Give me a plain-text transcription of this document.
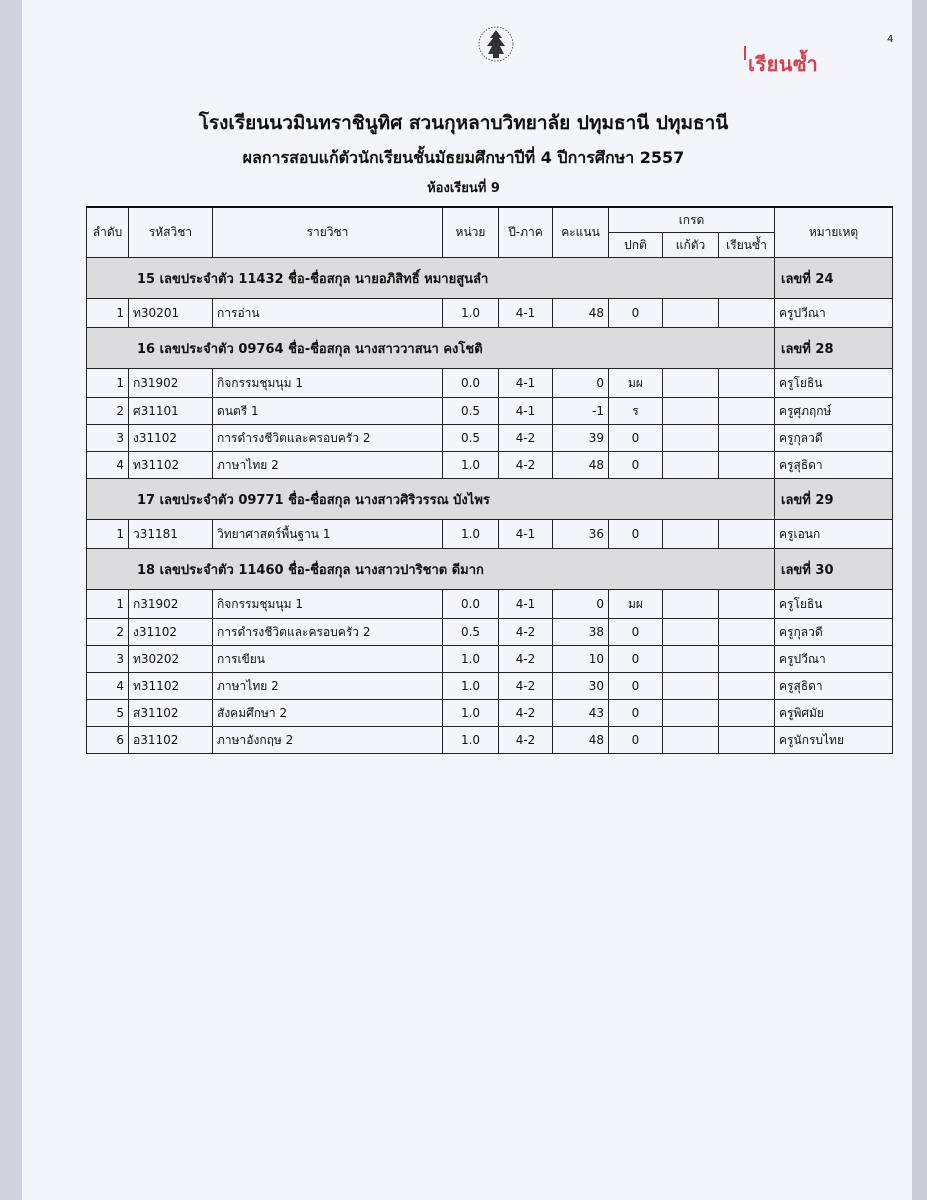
4
เรียนซ้ำ
โรงเรียนนวมินทราชินูทิศ สวนกุหลาบวิทยาลัย ปทุมธานี ปทุมธานี
ผลการสอบแก้ตัวนักเรียนชั้นมัธยมศึกษาปีที่ 4 ปีการศึกษา 2557
ห้องเรียนที่ 9
ลำดับ	รหัสวิชา	รายวิชา	หน่วย	ปี-ภาค	คะแนน	เกรด			หมายเหตุ
						ปกติ	แก้ตัว	เรียนซ้ำ	
15 เลขประจำตัว 11432 ชื่อ-ชื่อสกุล นายอภิสิทธิ์ หมายสูนลำ									เลขที่ 24
1	ท30201	การอ่าน	1.0	4-1	48	0			ครูปวีณา
16 เลขประจำตัว 09764 ชื่อ-ชื่อสกุล นางสาววาสนา คงโชติ									เลขที่ 28
1	ก31902	กิจกรรมชุมนุม 1	0.0	4-1	0	มผ			ครูโยธิน
2	ศ31101	ดนตรี 1	0.5	4-1	-1	ร			ครูศุภฤกษ์
3	ง31102	การดำรงชีวิตและครอบครัว 2	0.5	4-2	39	0			ครูกุลวดี
4	ท31102	ภาษาไทย 2	1.0	4-2	48	0			ครูสุธิดา
17 เลขประจำตัว 09771 ชื่อ-ชื่อสกุล นางสาวศิริวรรณ บังไพร									เลขที่ 29
1	ว31181	วิทยาศาสตร์พื้นฐาน 1	1.0	4-1	36	0			ครูเอนก
18 เลขประจำตัว 11460 ชื่อ-ชื่อสกุล นางสาวปาริชาต ดีมาก									เลขที่ 30
1	ก31902	กิจกรรมชุมนุม 1	0.0	4-1	0	มผ			ครูโยธิน
2	ง31102	การดำรงชีวิตและครอบครัว 2	0.5	4-2	38	0			ครูกุลวดี
3	ท30202	การเขียน	1.0	4-2	10	0			ครูปวีณา
4	ท31102	ภาษาไทย 2	1.0	4-2	30	0			ครูสุธิดา
5	ส31102	สังคมศึกษา 2	1.0	4-2	43	0			ครูพิศมัย
6	อ31102	ภาษาอังกฤษ 2	1.0	4-2	48	0			ครูนักรบไทย
